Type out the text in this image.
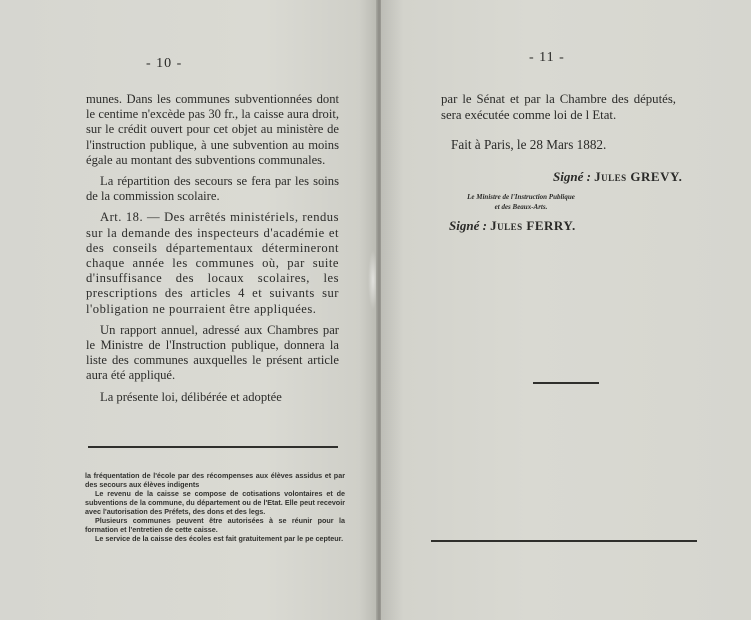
- 10 -

munes. Dans les communes subventionnées dont le centime n'excède pas 30 fr., la caisse aura droit, sur le crédit ouvert pour cet objet au ministère de l'instruction publique, à une subvention au moins égale au montant des subventions communales.

La répartition des secours se fera par les soins de la commission scolaire.

Art. 18. — Des arrêtés ministériels, rendus sur la demande des inspecteurs d'académie et des conseils départementaux détermineront chaque année les communes où, par suite d'insuffisance des locaux scolaires, les prescriptions des articles 4 et suivants sur l'obligation ne pourraient être appliquées.

Un rapport annuel, adressé aux Chambres par le Ministre de l'Instruction publique, donnera la liste des communes auxquelles le présent article aura été appliqué.

La présente loi, délibérée et adoptée

la fréquentation de l'école par des récompenses aux élèves assidus et par des secours aux élèves indigents

Le revenu de la caisse se compose de cotisations volontaires et de subventions de la commune, du département ou de l'Etat. Elle peut recevoir avec l'autorisation des Préfets, des dons et des legs.

Plusieurs communes peuvent être autorisées à se réunir pour la formation et l'entretien de cette caisse.

Le service de la caisse des écoles est fait gratuitement par le pe cepteur.

- 11 -
par le Sénat et par la Chambre des députés, sera exécutée comme loi de l Etat.
Fait à Paris, le 28 Mars 1882.
Signé : Jules GREVY.
Le Ministre de l'Instruction Publique
et des Beaux-Arts.
Signé : Jules FERRY.
